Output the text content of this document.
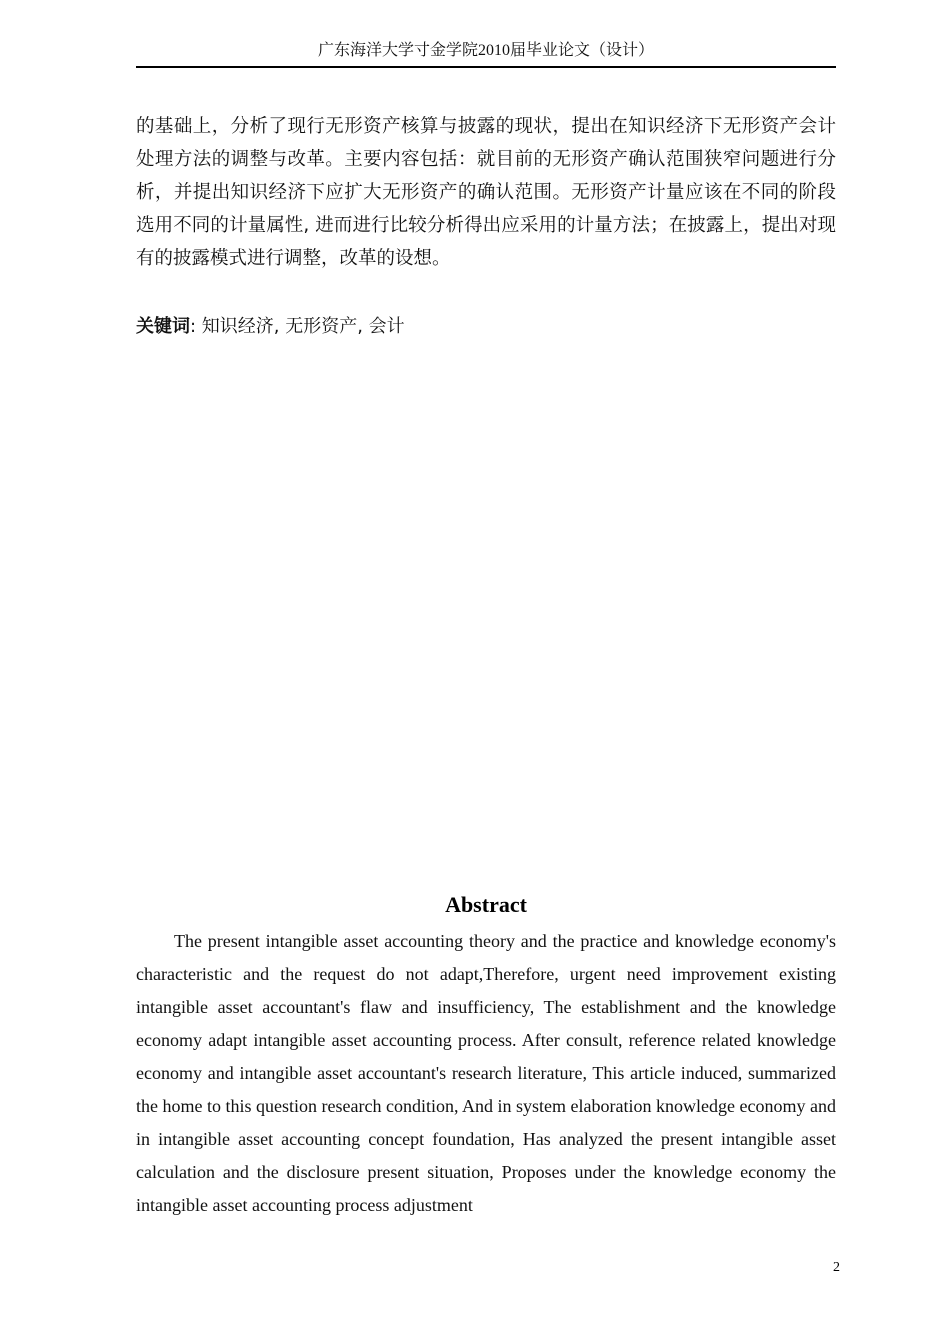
广东海洋大学寸金学院2010届毕业论文（设计）
的基础上，分析了现行无形资产核算与披露的现状，提出在知识经济下无形资产会计处理方法的调整与改革。主要内容包括：就目前的无形资产确认范围狭窄问题进行分析，并提出知识经济下应扩大无形资产的确认范围。无形资产计量应该在不同的阶段选用不同的计量属性, 进而进行比较分析得出应采用的计量方法；在披露上，提出对现有的披露模式进行调整，改革的设想。
关键词: 知识经济, 无形资产, 会计
Abstract
The present intangible asset accounting theory and the practice and knowledge economy's characteristic and the request do not adapt,Therefore, urgent need improvement existing intangible asset accountant's flaw and insufficiency, The establishment and the knowledge economy adapt intangible asset accounting process. After consult, reference related knowledge economy and intangible asset accountant's research literature, This article induced, summarized the home to this question research condition, And in system elaboration knowledge economy and in intangible asset accounting concept foundation, Has analyzed the present intangible asset calculation and the disclosure present situation, Proposes under the knowledge economy the intangible asset accounting process adjustment
2
